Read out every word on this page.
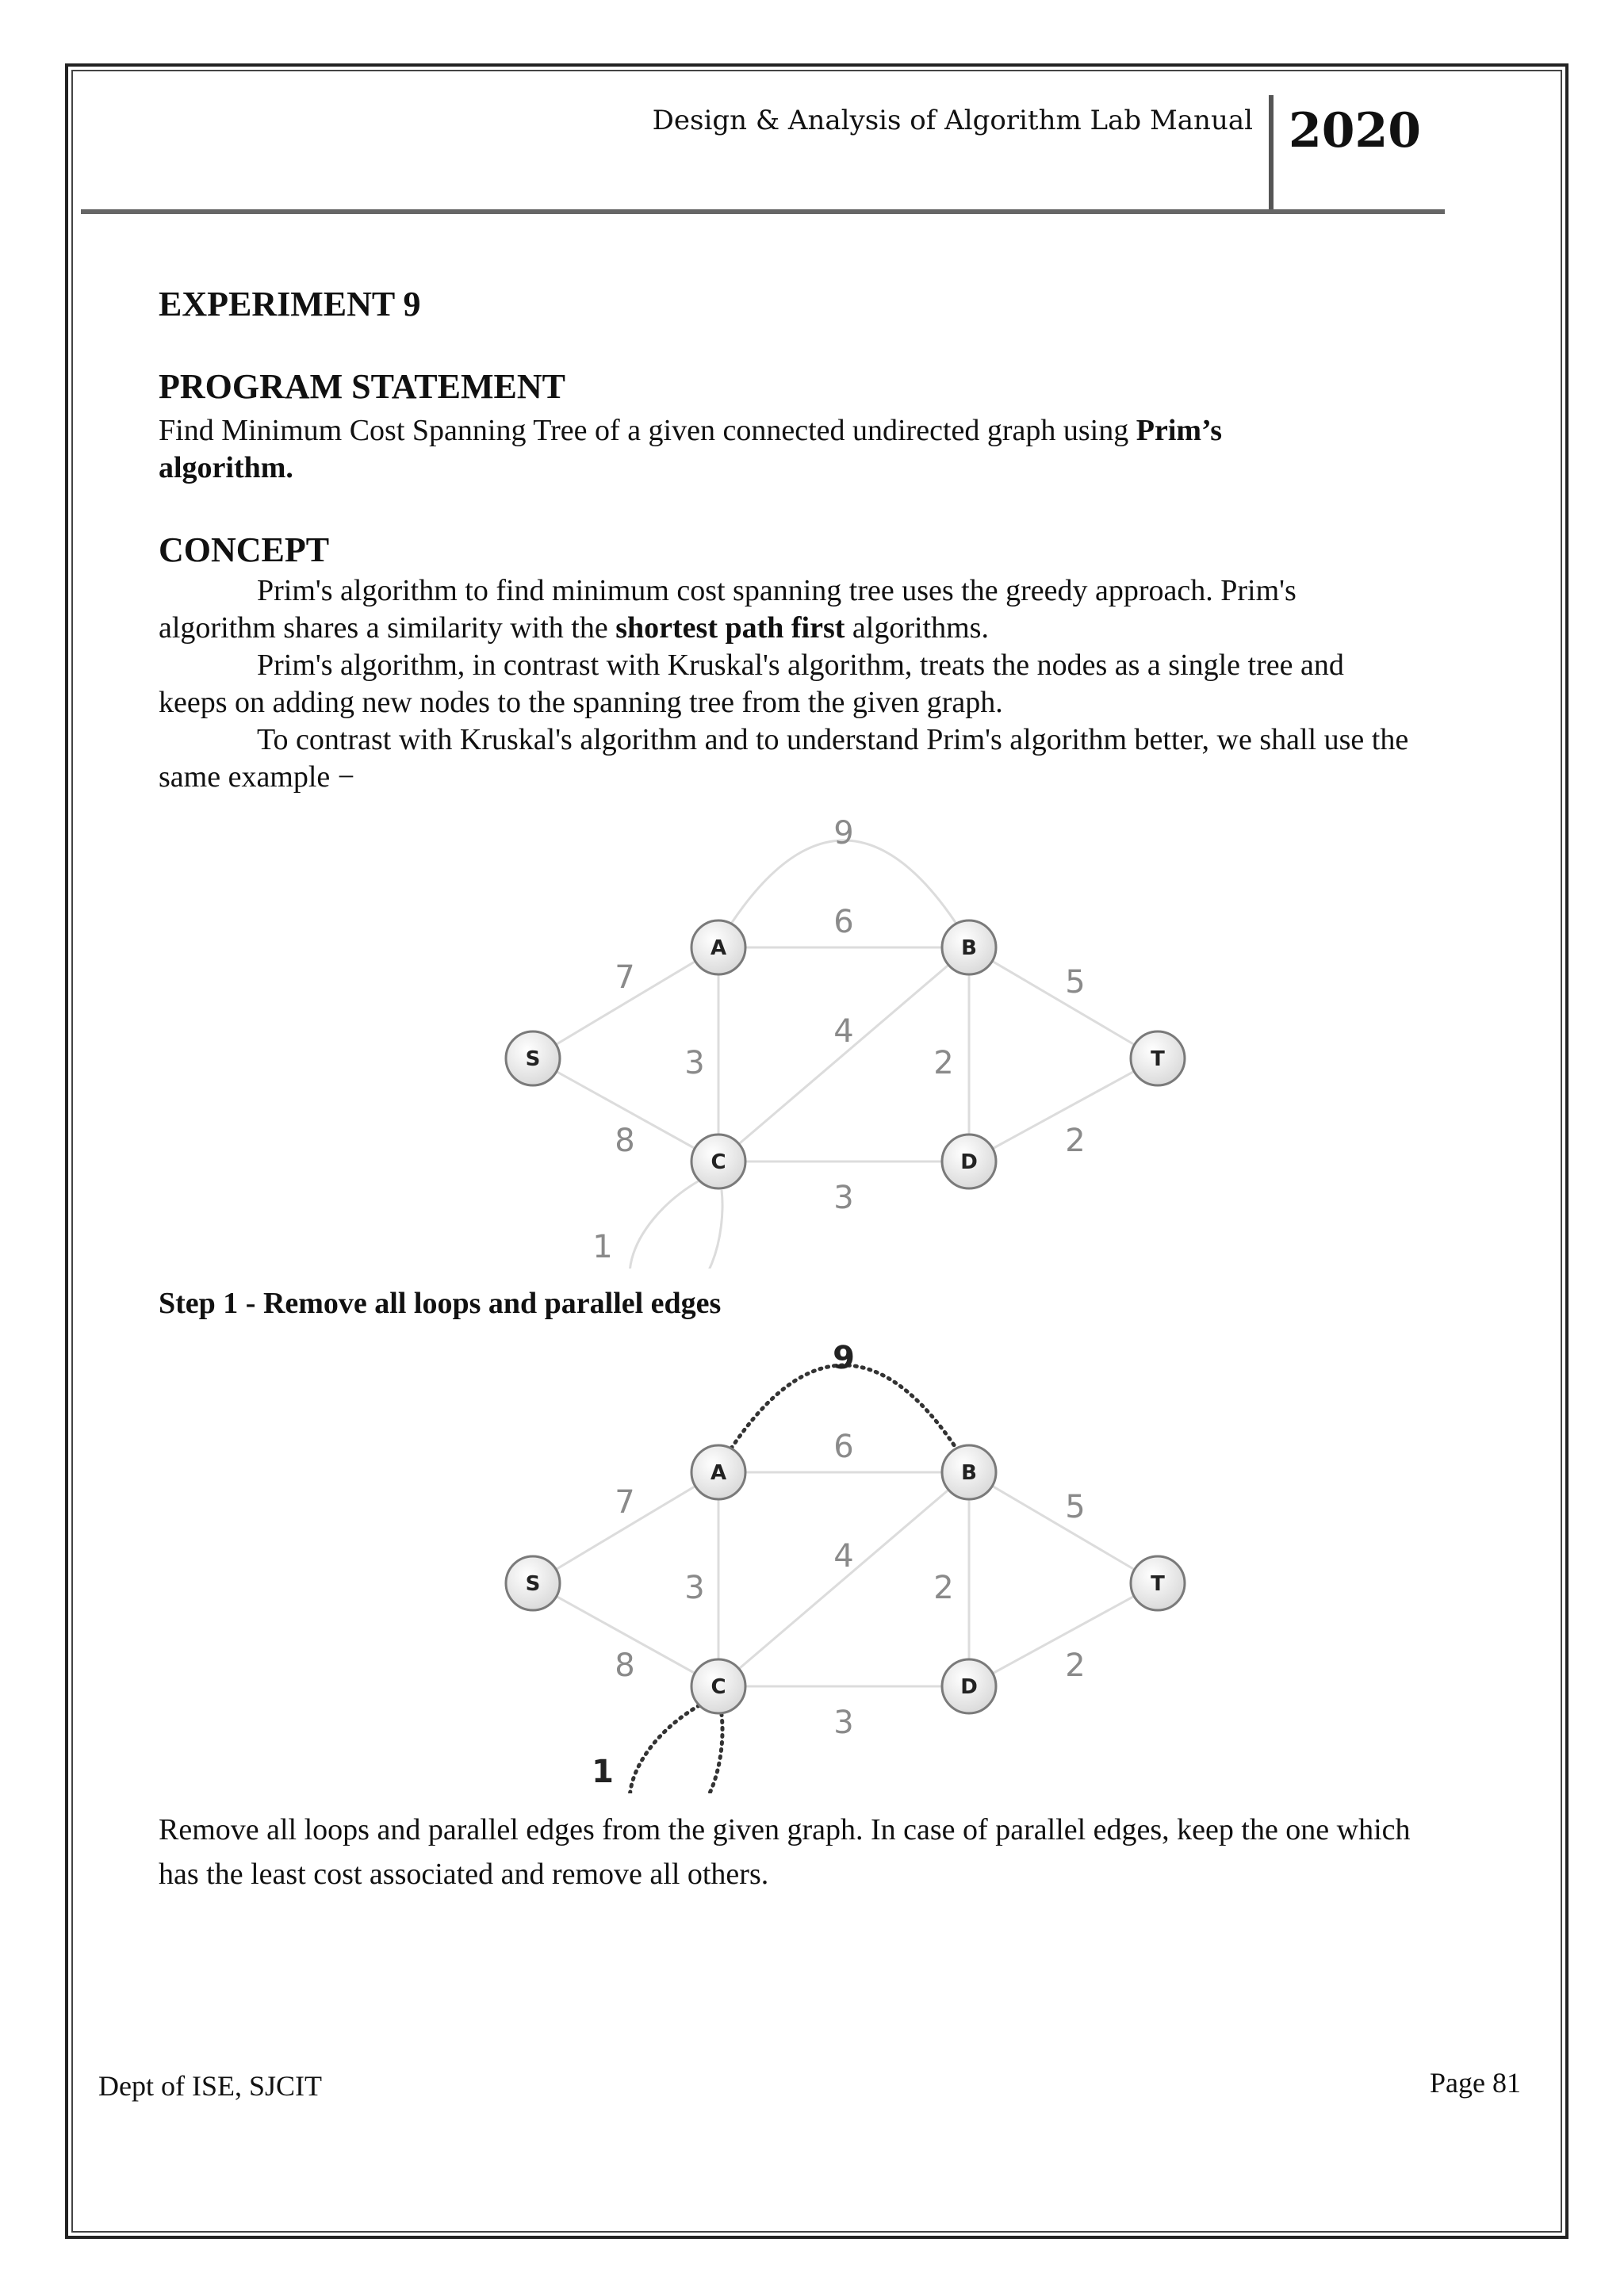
Design & Analysis of Algorithm Lab Manual 2020
EXPERIMENT 9
PROGRAM STATEMENT
Find Minimum Cost Spanning Tree of a given connected undirected graph using Prim’s
algorithm.
CONCEPT
Prim's algorithm to find minimum cost spanning tree uses the greedy approach. Prim's algorithm shares a similarity with the shortest path first algorithms.
Prim's algorithm, in contrast with Kruskal's algorithm, treats the nodes as a single tree and keeps on adding new nodes to the spanning tree from the given graph.
To contrast with Kruskal's algorithm and to understand Prim's algorithm better, we shall use the same example −
7
8
6
9
3
4
2
5
3
2
1
S
A	B
C	D
T
Step 1 - Remove all loops and parallel edges
7
8
6
9
3
4
2
5
3
2
1
S
A	B
C	D
T
Remove all loops and parallel edges from the given graph. In case of parallel edges, keep the one which has the least cost associated and remove all others.
Dept of ISE, SJCIT	Page 81
